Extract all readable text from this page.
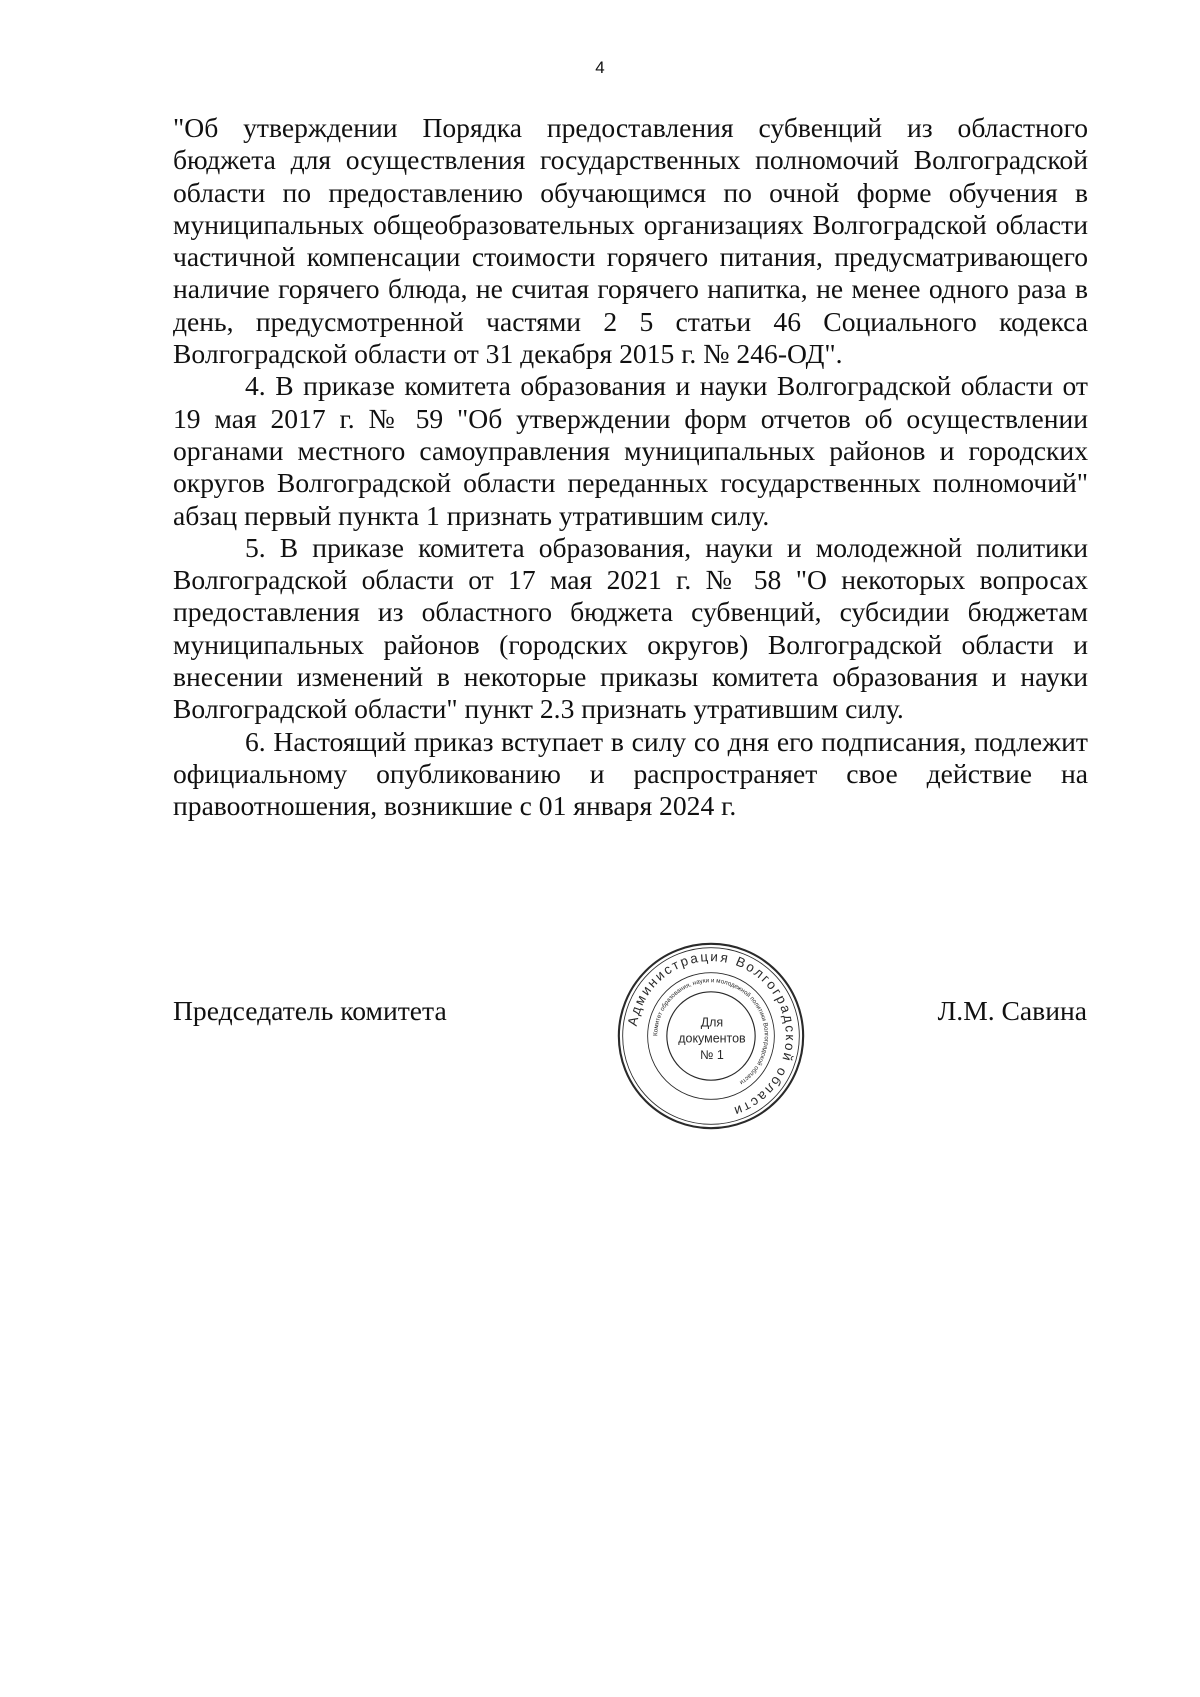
4

"Об утверждении Порядка предоставления субвенций из областного бюджета для осуществления государственных полномочий Волгоградской области по предоставлению обучающимся по очной форме обучения в муниципальных общеобразовательных организациях Волгоградской области частичной компенсации стоимости горячего питания, предусматривающего наличие горячего блюда, не считая горячего напитка, не менее одного раза в день, предусмотренной частями 2 5 статьи 46 Социального кодекса Волгоградской области от 31 декабря 2015 г. № 246-ОД".

4. В приказе комитета образования и науки Волгоградской области от 19 мая 2017 г. № 59 "Об утверждении форм отчетов об осуществлении органами местного самоуправления муниципальных районов и городских округов Волгоградской области переданных государственных полномочий" абзац первый пункта 1 признать утратившим силу.

5. В приказе комитета образования, науки и молодежной политики Волгоградской области от 17 мая 2021 г. № 58 "О некоторых вопросах предоставления из областного бюджета субвенций, субсидии бюджетам муниципальных районов (городских округов) Волгоградской области и внесении изменений в некоторые приказы комитета образования и науки Волгоградской области" пункт 2.3 признать утратившим силу.

6. Настоящий приказ вступает в силу со дня его подписания, подлежит официальному опубликованию и распространяет свое действие на правоотношения, возникшие с 01 января 2024 г.

Председатель комитета	Администрация Волгоградской области
Комитет образования, науки и молодежной политики Волгоградской области
Для
документов
№ 1
Л.М. Савина
